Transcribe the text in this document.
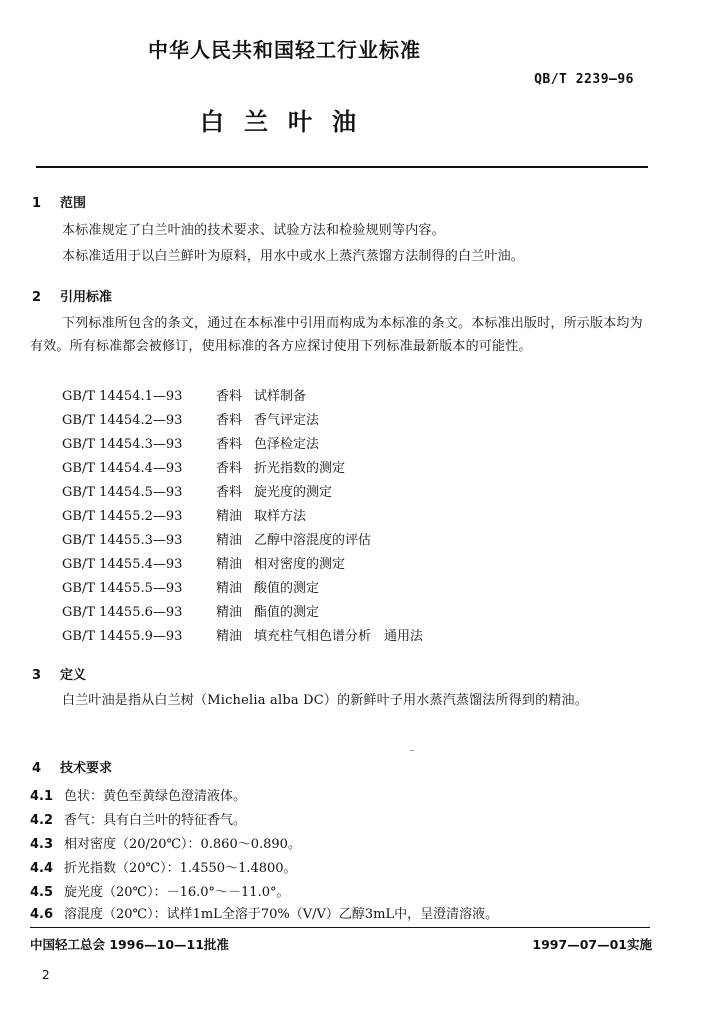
中华人民共和国轻工行业标准
QB/T 2239—96
白兰叶油
1 范围
本标准规定了白兰叶油的技术要求、试验方法和检验规则等内容。
本标准适用于以白兰鲜叶为原料，用水中或水上蒸汽蒸馏方法制得的白兰叶油。
2 引用标准
下列标准所包含的条文，通过在本标准中引用而构成为本标准的条文。本标准出版时，所示版本均为有效。所有标准都会被修订，使用标准的各方应探讨使用下列标准最新版本的可能性。
GB/T 14454.1—93	香料 试样制备
GB/T 14454.2—93	香料 香气评定法
GB/T 14454.3—93	香料 色泽检定法
GB/T 14454.4—93	香料 折光指数的测定
GB/T 14454.5—93	香料 旋光度的测定
GB/T 14455.2—93	精油 取样方法
GB/T 14455.3—93	精油 乙醇中溶混度的评估
GB/T 14455.4—93	精油 相对密度的测定
GB/T 14455.5—93	精油 酸值的测定
GB/T 14455.6—93	精油 酯值的测定
GB/T 14455.9—93	精油 填充柱气相色谱分析　通用法
3 定义
白兰叶油是指从白兰树（Michelia alba DC）的新鲜叶子用水蒸汽蒸馏法所得到的精油。
4 技术要求
4.1 色状：黄色至黄绿色澄清液体。
4.2 香气：具有白兰叶的特征香气。
4.3 相对密度（20/20℃）：0.860～0.890。
4.4 折光指数（20℃）：1.4550～1.4800。
4.5 旋光度（20℃）：－16.0°～－11.0°。
4.6 溶混度（20℃）：试样1mL全溶于70%（V/V）乙醇3mL中，呈澄清溶液。
中国轻工总会 1996—10—11批准	1997—07—01实施
2
